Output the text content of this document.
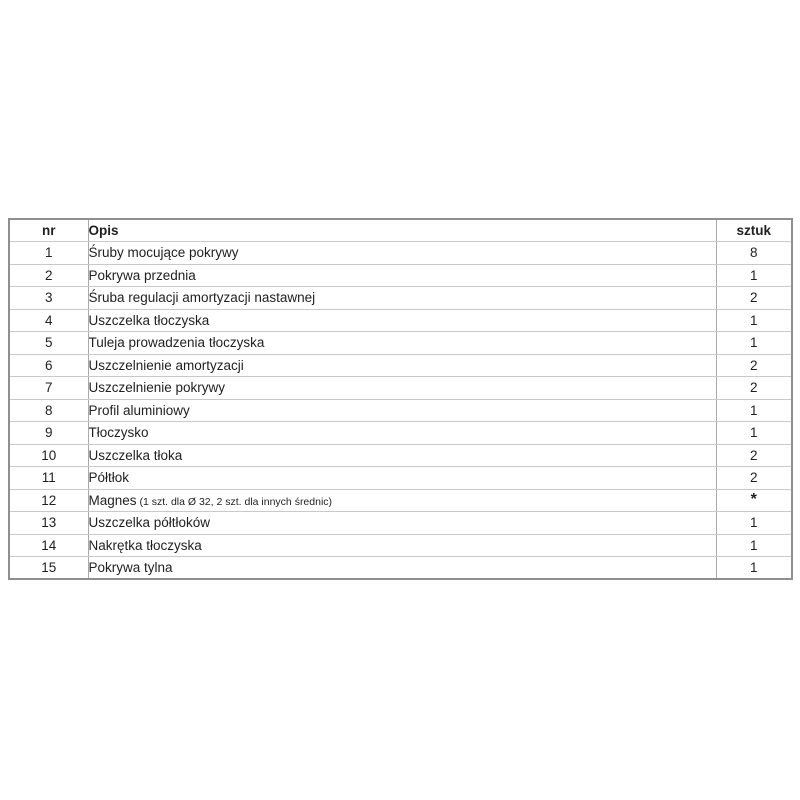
nr	Opis	sztuk
1	Śruby mocujące pokrywy	8
2	Pokrywa przednia	1
3	Śruba regulacji amortyzacji nastawnej	2
4	Uszczelka tłoczyska	1
5	Tuleja prowadzenia tłoczyska	1
6	Uszczelnienie amortyzacji	2
7	Uszczelnienie pokrywy	2
8	Profil aluminiowy	1
9	Tłoczysko	1
10	Uszczelka tłoka	2
11	Półtłok	2
12	Magnes (1 szt. dla Ø 32, 2 szt. dla innych średnic)	*
13	Uszczelka półtłoków	1
14	Nakrętka tłoczyska	1
15	Pokrywa tylna	1
